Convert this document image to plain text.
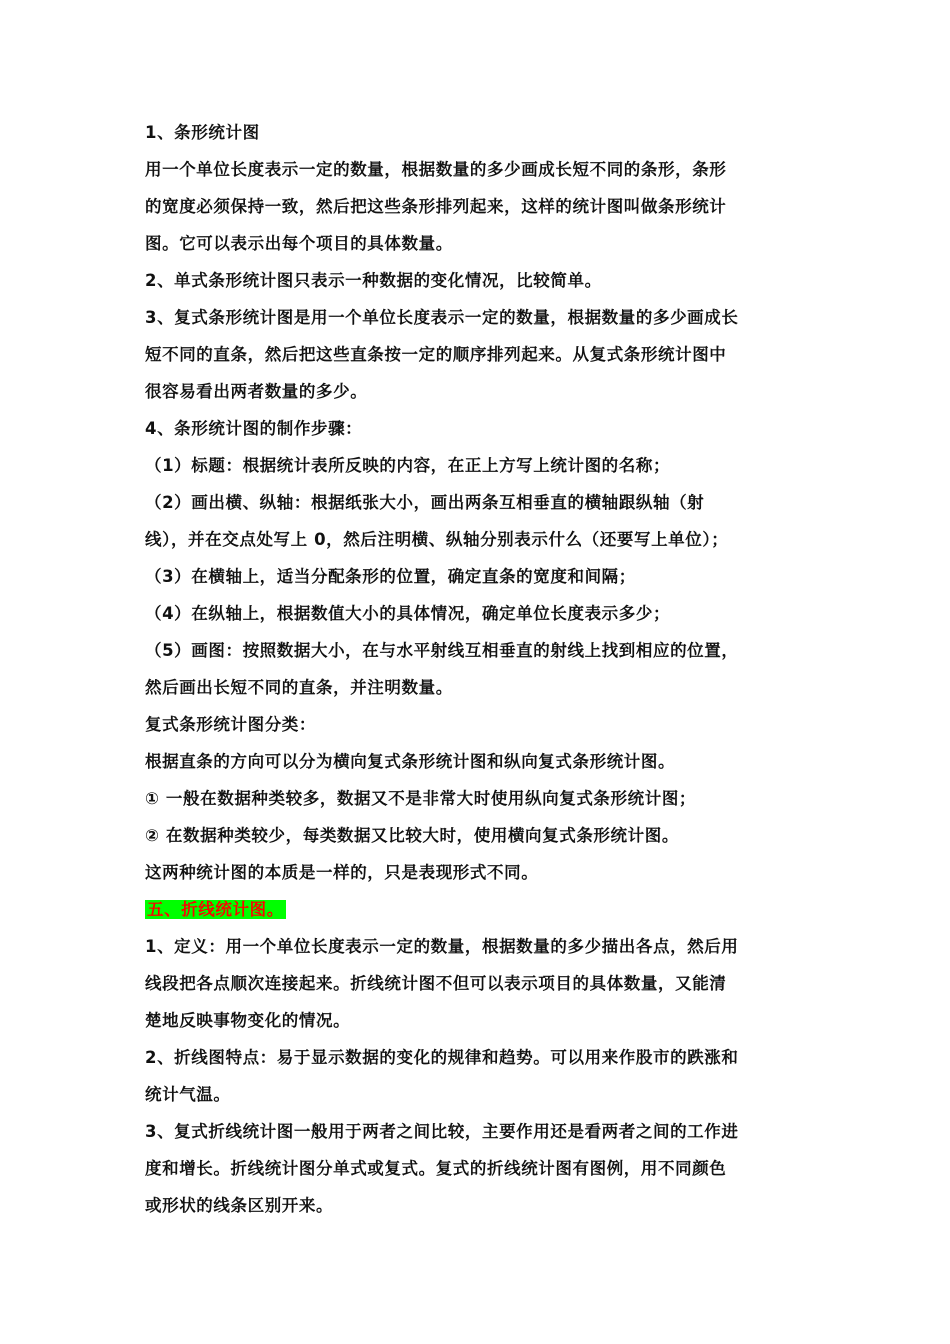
1、条形统计图
用一个单位长度表示一定的数量，根据数量的多少画成长短不同的条形，条形
的宽度必须保持一致，然后把这些条形排列起来，这样的统计图叫做条形统计
图。它可以表示出每个项目的具体数量。
2、单式条形统计图只表示一种数据的变化情况，比较简单。
3、复式条形统计图是用一个单位长度表示一定的数量，根据数量的多少画成长
短不同的直条，然后把这些直条按一定的顺序排列起来。从复式条形统计图中
很容易看出两者数量的多少。
4、条形统计图的制作步骤：
（1）标题：根据统计表所反映的内容，在正上方写上统计图的名称；
（2）画出横、纵轴：根据纸张大小，画出两条互相垂直的横轴跟纵轴（射
线），并在交点处写上 0，然后注明横、纵轴分别表示什么（还要写上单位）；
（3）在横轴上，适当分配条形的位置，确定直条的宽度和间隔；
（4）在纵轴上，根据数值大小的具体情况，确定单位长度表示多少；
（5）画图：按照数据大小，在与水平射线互相垂直的射线上找到相应的位置，
然后画出长短不同的直条，并注明数量。
复式条形统计图分类：
根据直条的方向可以分为横向复式条形统计图和纵向复式条形统计图。
① 一般在数据种类较多，数据又不是非常大时使用纵向复式条形统计图；
② 在数据种类较少，每类数据又比较大时，使用横向复式条形统计图。
这两种统计图的本质是一样的，只是表现形式不同。
五、折线统计图。
1、定义：用一个单位长度表示一定的数量，根据数量的多少描出各点，然后用
线段把各点顺次连接起来。折线统计图不但可以表示项目的具体数量，又能清
楚地反映事物变化的情况。
2、折线图特点：易于显示数据的变化的规律和趋势。可以用来作股市的跌涨和
统计气温。
3、复式折线统计图一般用于两者之间比较，主要作用还是看两者之间的工作进
度和增长。折线统计图分单式或复式。复式的折线统计图有图例，用不同颜色
或形状的线条区别开来。
